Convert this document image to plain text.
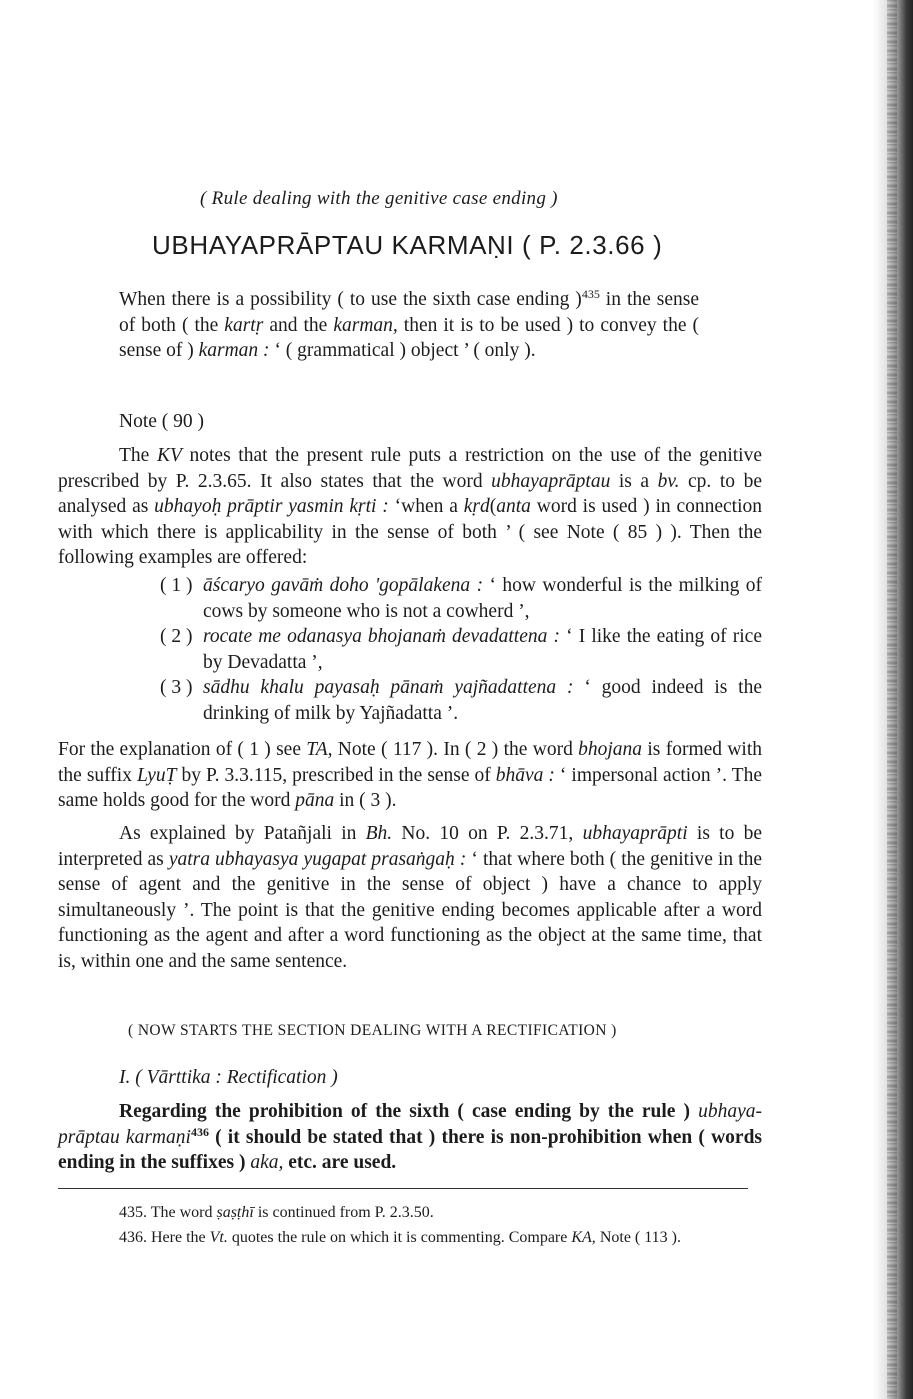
( Rule dealing with the genitive case ending )
UBHAYAPRĀPTAU KARMAṆI ( P. 2.3.66 )

When there is a possibility ( to use the sixth case ending )$^{435}$ in the sense of both ( the kartṛ and the karman, then it is to be used ) to convey the ( sense of ) karman : ‘ ( grammatical ) object ’ ( only ).

Note ( 90 )

The KV notes that the present rule puts a restriction on the use of the genitive prescribed by P. 2.3.65. It also states that the word ubhayaprāptau is a bv. cp. to be analysed as ubhayoḥ prāptir yasmin kṛti : ‘when a kṛd(anta word is used ) in connection with which there is applicability in the sense of both ’ ( see Note ( 85 ) ). Then the following examples are offered:

( 1 ) āścaryo gavāṁ doho 'gopālakena : ‘ how wonderful is the milking of cows by someone who is not a cowherd ’,
( 2 ) rocate me odanasya bhojanaṁ devadattena : ‘ I like the eating of rice by Devadatta ’,
( 3 ) sādhu khalu payasaḥ pānaṁ yajñadattena : ‘ good indeed is the drinking of milk by Yajñadatta ’.

For the explanation of ( 1 ) see TA, Note ( 117 ). In ( 2 ) the word bhojana is formed with the suffix LyuṬ by P. 3.3.115, prescribed in the sense of bhāva : ‘ impersonal action ’. The same holds good for the word pāna in ( 3 ).

As explained by Patañjali in Bh. No. 10 on P. 2.3.71, ubhayaprāpti is to be interpreted as yatra ubhayasya yugapat prasaṅgaḥ : ‘ that where both ( the genitive in the sense of agent and the genitive in the sense of object ) have a chance to apply simultaneously ’. The point is that the genitive ending becomes applicable after a word functioning as the agent and after a word functioning as the object at the same time, that is, within one and the same sentence.

( NOW STARTS THE SECTION DEALING WITH A RECTIFICATION )
I. ( Vārttika : Rectification )

Regarding the prohibition of the sixth ( case ending by the rule ) ubhaya-prāptau karmaṇi$^{436}$ ( it should be stated that ) there is non-prohibition when ( words ending in the suffixes ) aka, etc. are used.

435. The word ṣaṣṭhī is continued from P. 2.3.50.
436. Here the Vt. quotes the rule on which it is commenting. Compare KA, Note ( 113 ).
